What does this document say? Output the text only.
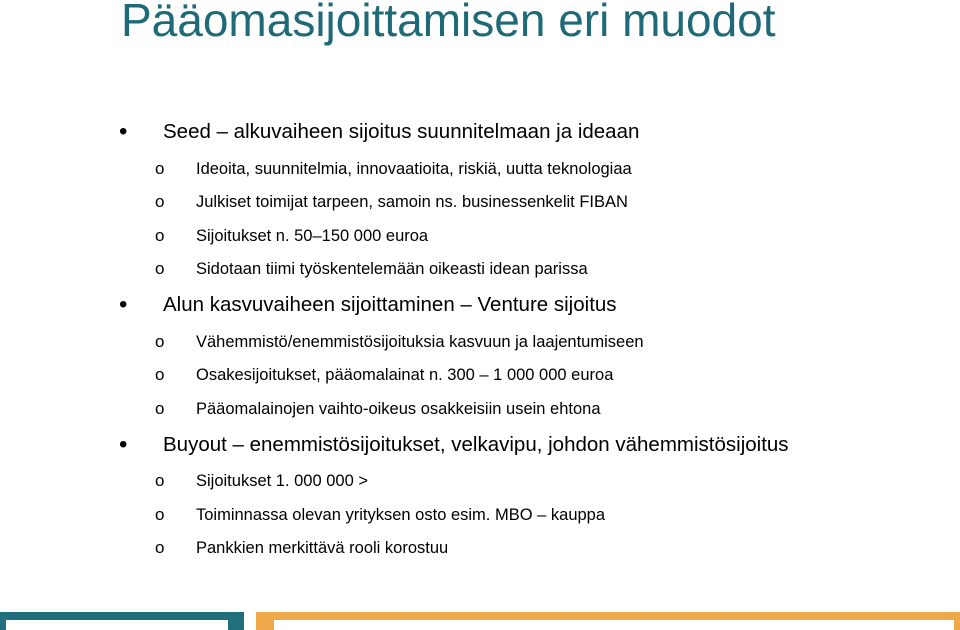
Pääomasijoittamisen eri muodot
• Seed – alkuvaiheen sijoitus suunnitelmaan ja ideaan
o Ideoita, suunnitelmia, innovaatioita, riskiä, uutta teknologiaa
o Julkiset toimijat tarpeen, samoin ns. businessenkelit FIBAN
o Sijoitukset n. 50–150 000 euroa
o Sidotaan tiimi työskentelemään oikeasti idean parissa
• Alun kasvuvaiheen sijoittaminen – Venture sijoitus
o Vähemmistö/enemmistösijoituksia kasvuun ja laajentumiseen
o Osakesijoitukset, pääomalainat n. 300 – 1 000 000 euroa
o Pääomalainojen vaihto-oikeus osakkeisiin usein ehtona
• Buyout – enemmistösijoitukset, velkavipu, johdon vähemmistösijoitus
o Sijoitukset 1. 000 000 >
o Toiminnassa olevan yrityksen osto esim. MBO – kauppa
o Pankkien merkittävä rooli korostuu
